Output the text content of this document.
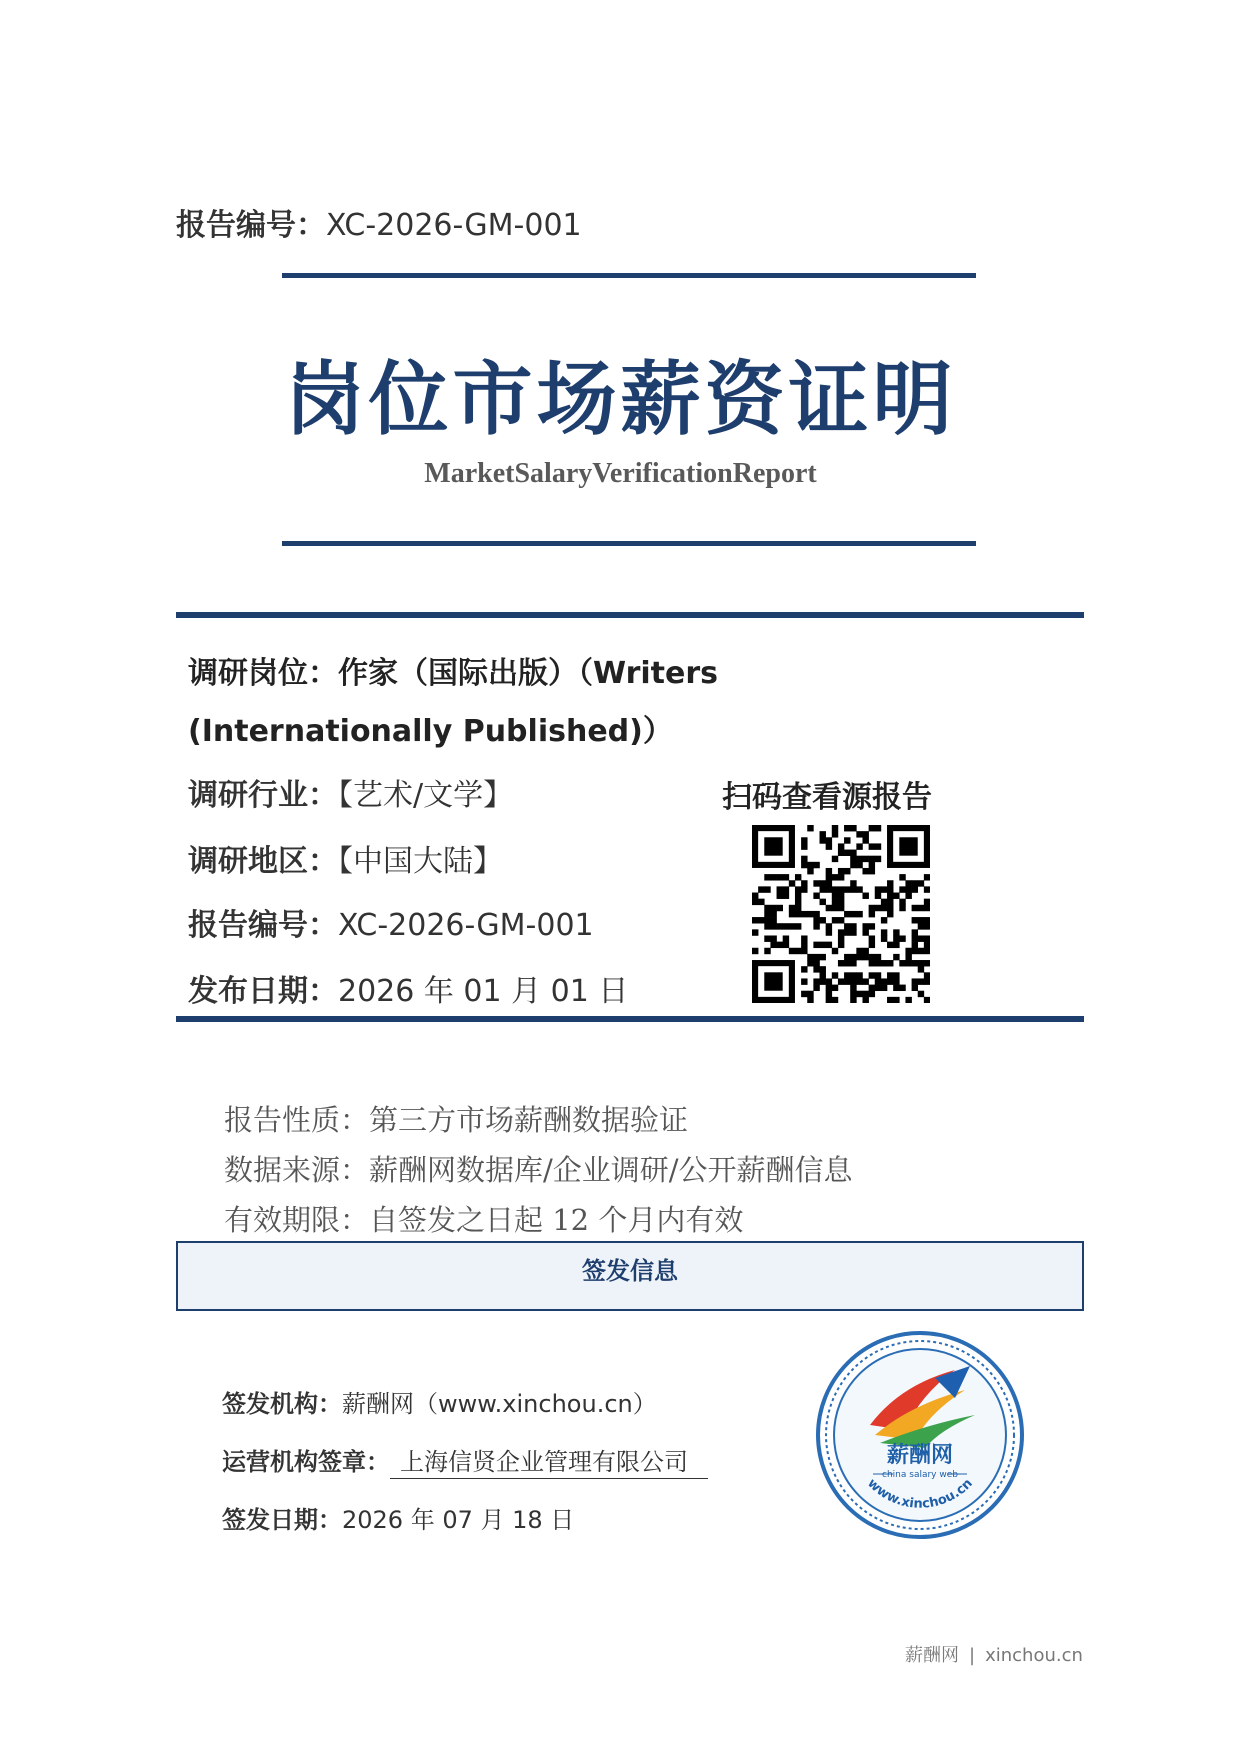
报告编号：XC-2026-GM-001
岗位市场薪资证明
MarketSalaryVerificationReport
调研岗位：作家（国际出版）（Writers (Internationally Published)）
调研行业：【艺术/文学】
调研地区：【中国大陆】
报告编号：XC-2026-GM-001
发布日期：2026 年 01 月 01 日
扫码查看源报告
报告性质：第三方市场薪酬数据验证
数据来源：薪酬网数据库/企业调研/公开薪酬信息
有效期限：自签发之日起 12 个月内有效
签发信息
签发机构：薪酬网（www.xinchou.cn）
运营机构签章： 上海信贤企业管理有限公司
签发日期：2026 年 07 月 18 日
薪酬网
china salary web
www.xinchou.cn
薪酬网 | xinchou.cn
